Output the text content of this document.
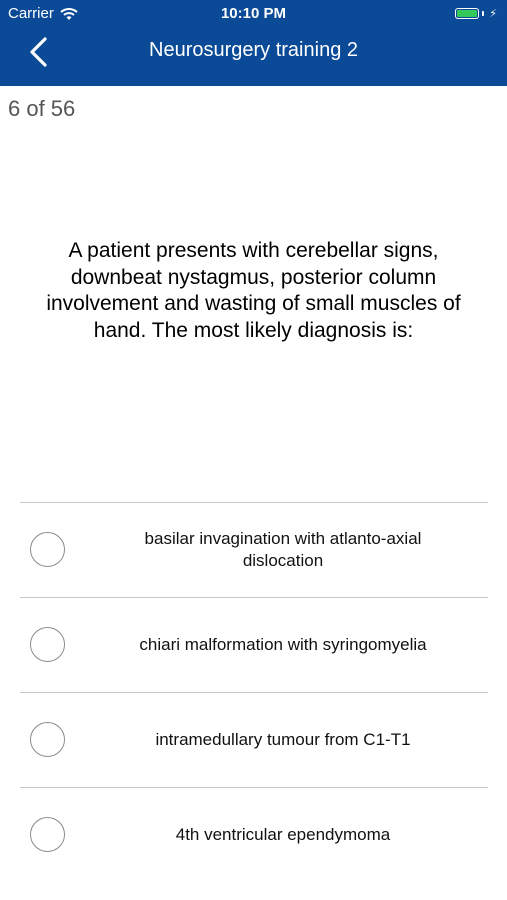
Carrier	10:10 PM	⚡
Neurosurgery training 2
6 of 56
A patient presents with cerebellar signs, downbeat nystagmus, posterior column involvement and wasting of small muscles of hand. The most likely diagnosis is:
basilar invagination with atlanto-axial dislocation
chiari malformation with syringomyelia
intramedullary tumour from C1-T1
4th ventricular ependymoma
